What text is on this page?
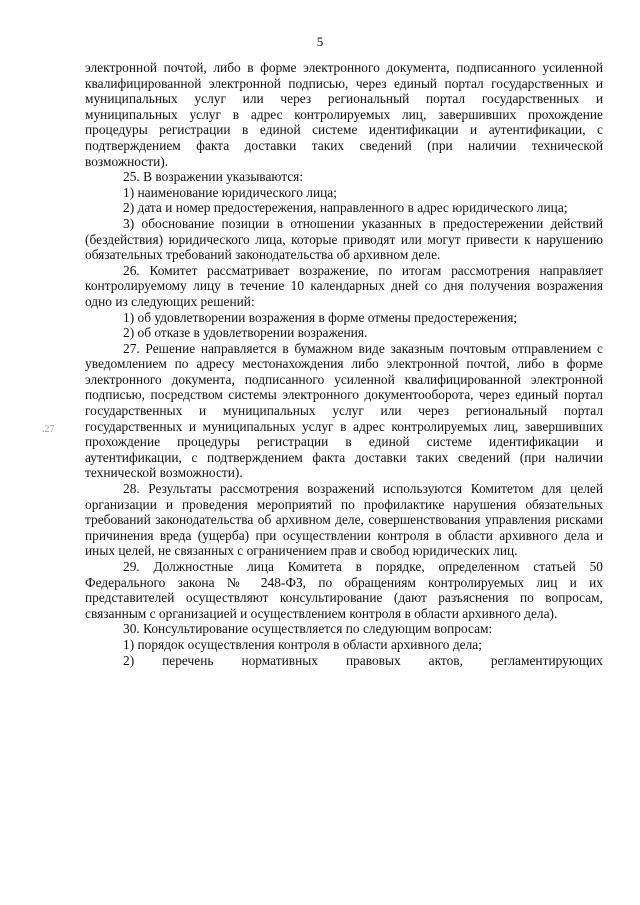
5
.27

электронной почтой, либо в форме электронного документа, подписанного усиленной квалифицированной электронной подписью, через единый портал государственных и муниципальных услуг или через региональный портал государственных и муниципальных услуг в адрес контролируемых лиц, завершивших прохождение процедуры регистрации в единой системе идентификации и аутентификации, с подтверждением факта доставки таких сведений (при наличии технической возможности).

25. В возражении указываются:

1) наименование юридического лица;

2) дата и номер предостережения, направленного в адрес юридического лица;

3) обоснование позиции в отношении указанных в предостережении действий (бездействия) юридического лица, которые приводят или могут привести к нарушению обязательных требований законодательства об архивном деле.

26. Комитет рассматривает возражение, по итогам рассмотрения направляет контролируемому лицу в течение 10 календарных дней со дня получения возражения одно из следующих решений:

1) об удовлетворении возражения в форме отмены предостережения;

2) об отказе в удовлетворении возражения.

27. Решение направляется в бумажном виде заказным почтовым отправлением с уведомлением по адресу местонахождения либо электронной почтой, либо в форме электронного документа, подписанного усиленной квалифицированной электронной подписью, посредством системы электронного документооборота, через единый портал государственных и муниципальных услуг или через региональный портал государственных и муниципальных услуг в адрес контролируемых лиц, завершивших прохождение процедуры регистрации в единой системе идентификации и аутентификации, с подтверждением факта доставки таких сведений (при наличии технической возможности).

28. Результаты рассмотрения возражений используются Комитетом для целей организации и проведения мероприятий по профилактике нарушения обязательных требований законодательства об архивном деле, совершенствования управления рисками причинения вреда (ущерба) при осуществлении контроля в области архивного дела и иных целей, не связанных с ограничением прав и свобод юридических лиц.

29. Должностные лица Комитета в порядке, определенном статьей 50 Федерального закона № 248-ФЗ, по обращениям контролируемых лиц и их представителей осуществляют консультирование (дают разъяснения по вопросам, связанным с организацией и осуществлением контроля в области архивного дела).

30. Консультирование осуществляется по следующим вопросам:

1) порядок осуществления контроля в области архивного дела;

2) перечень нормативных правовых актов, регламентирующих
